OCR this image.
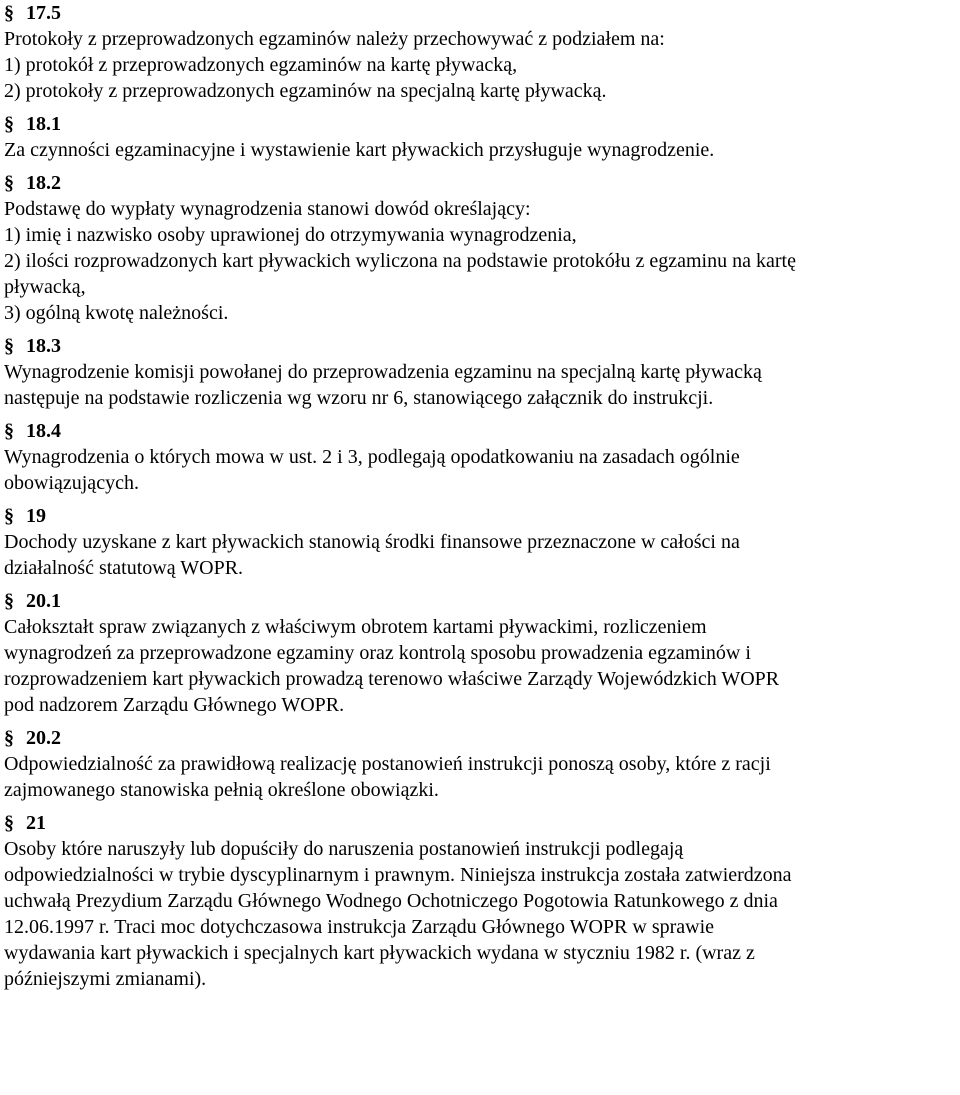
§ 17.5
Protokoły z przeprowadzonych egzaminów należy przechowywać z podziałem na:
1) protokół z przeprowadzonych egzaminów na kartę pływacką,
2) protokoły z przeprowadzonych egzaminów na specjalną kartę pływacką.
§ 18.1
Za czynności egzaminacyjne i wystawienie kart pływackich przysługuje wynagrodzenie.
§ 18.2
Podstawę do wypłaty wynagrodzenia stanowi dowód określający:
1) imię i nazwisko osoby uprawionej do otrzymywania wynagrodzenia,
2) ilości rozprowadzonych kart pływackich wyliczona na podstawie protokółu z egzaminu na kartę
pływacką,
3) ogólną kwotę należności.
§ 18.3
Wynagrodzenie komisji powołanej do przeprowadzenia egzaminu na specjalną kartę pływacką
następuje na podstawie rozliczenia wg wzoru nr 6, stanowiącego załącznik do instrukcji.
§ 18.4
Wynagrodzenia o których mowa w ust. 2 i 3, podlegają opodatkowaniu na zasadach ogólnie
obowiązujących.
§ 19
Dochody uzyskane z kart pływackich stanowią środki finansowe przeznaczone w całości na
działalność statutową WOPR.
§ 20.1
Całokształt spraw związanych z właściwym obrotem kartami pływackimi, rozliczeniem
wynagrodzeń za przeprowadzone egzaminy oraz kontrolą sposobu prowadzenia egzaminów i
rozprowadzeniem kart pływackich prowadzą terenowo właściwe Zarządy Wojewódzkich WOPR
pod nadzorem Zarządu Głównego WOPR.
§ 20.2
Odpowiedzialność za prawidłową realizację postanowień instrukcji ponoszą osoby, które z racji
zajmowanego stanowiska pełnią określone obowiązki.
§ 21
Osoby które naruszyły lub dopuściły do naruszenia postanowień instrukcji podlegają
odpowiedzialności w trybie dyscyplinarnym i prawnym. Niniejsza instrukcja została zatwierdzona
uchwałą Prezydium Zarządu Głównego Wodnego Ochotniczego Pogotowia Ratunkowego z dnia
12.06.1997 r. Traci moc dotychczasowa instrukcja Zarządu Głównego WOPR w sprawie
wydawania kart pływackich i specjalnych kart pływackich wydana w styczniu 1982 r. (wraz z
późniejszymi zmianami).
